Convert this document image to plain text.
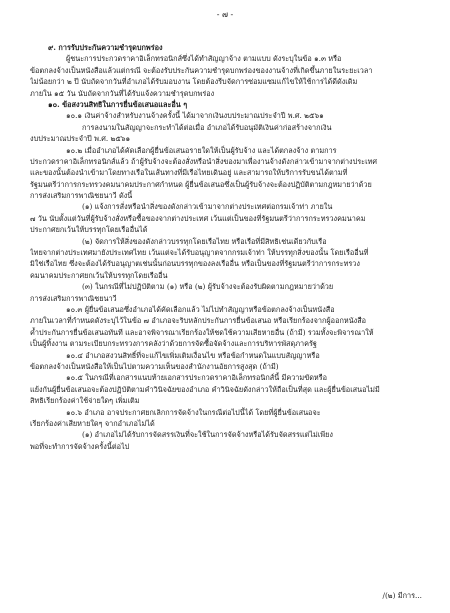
- ๗ -
๙. การรับประกันความชำรุดบกพร่อง
ผู้ชนะการประกวดราคาอิเล็กทรอนิกส์ซึ่งได้ทำสัญญาจ้าง ตามแบบ ดังระบุในข้อ ๑.๓ หรือ
ข้อตกลงจ้างเป็นหนังสือแล้วแต่กรณี จะต้องรับประกันความชำรุดบกพร่องของงานจ้างที่เกิดขึ้นภายในระยะเวลา
ไม่น้อยกว่า ๒ ปี นับถัดจากวันที่อำเภอได้รับมอบงาน โดยต้องรีบจัดการซ่อมแซมแก้ไขให้ใช้การได้ดีดังเดิม
ภายใน ๑๕ วัน นับถัดจากวันที่ได้รับแจ้งความชำรุดบกพร่อง
๑๐. ข้อสงวนสิทธิในการยื่นข้อเสนอและอื่น ๆ
๑๐.๑ เงินค่าจ้างสำหรับงานจ้างครั้งนี้ ได้มาจากเงินงบประมาณประจำปี พ.ศ. ๒๕๖๑
การลงนามในสัญญาจะกระทำได้ต่อเมื่อ อำเภอได้รับอนุมัติเงินค่าก่อสร้างจากเงิน
งบประมาณประจำปี พ.ศ. ๒๕๖๑
๑๐.๒ เมื่ออำเภอได้คัดเลือกผู้ยื่นข้อเสนอรายใดให้เป็นผู้รับจ้าง และได้ตกลงจ้าง ตามการ
ประกวดราคาอิเล็กทรอนิกส์แล้ว ถ้าผู้รับจ้างจะต้องสั่งหรือนำสิ่งของมาเพื่องานจ้างดังกล่าวเข้ามาจากต่างประเทศ
และของนั้นต้องนำเข้ามาโดยทางเรือในเส้นทางที่มีเรือไทยเดินอยู่ และสามารถให้บริการรับขนได้ตามที่
รัฐมนตรีว่าการกระทรวงคมนาคมประกาศกำหนด ผู้ยื่นข้อเสนอซึ่งเป็นผู้รับจ้างจะต้องปฏิบัติตามกฎหมายว่าด้วย
การส่งเสริมการพาณิชยนาวี ดังนี้
(๑) แจ้งการสั่งหรือนำสิ่งของดังกล่าวเข้ามาจากต่างประเทศต่อกรมเจ้าท่า ภายใน
๗ วัน นับตั้งแต่วันที่ผู้รับจ้างสั่งหรือซื้อของจากต่างประเทศ เว้นแต่เป็นของที่รัฐมนตรีว่าการกระทรวงคมนาคม
ประกาศยกเว้นให้บรรทุกโดยเรืออื่นได้
(๒) จัดการให้สิ่งของดังกล่าวบรรทุกโดยเรือไทย หรือเรือที่มีสิทธิเช่นเดียวกับเรือ
ไทยจากต่างประเทศมายังประเทศไทย เว้นแต่จะได้รับอนุญาตจากกรมเจ้าท่า ให้บรรทุกสิ่งของนั้น โดยเรืออื่นที่
มิใช่เรือไทย ซึ่งจะต้องได้รับอนุญาตเช่นนั้นก่อนบรรทุกของลงเรืออื่น หรือเป็นของที่รัฐมนตรีว่าการกระทรวง
คมนาคมประกาศยกเว้นให้บรรทุกโดยเรืออื่น
(๓) ในกรณีที่ไม่ปฏิบัติตาม (๑) หรือ (๒) ผู้รับจ้างจะต้องรับผิดตามกฎหมายว่าด้วย
การส่งเสริมการพาณิชยนาวี
๑๐.๓ ผู้ยื่นข้อเสนอซึ่งอำเภอได้คัดเลือกแล้ว ไม่ไปทำสัญญาหรือข้อตกลงจ้างเป็นหนังสือ
ภายในเวลาที่กำหนดดังระบุไว้ในข้อ ๗ อำเภอจะริบหลักประกันการยื่นข้อเสนอ หรือเรียกร้องจากผู้ออกหนังสือ
ค้ำประกันการยื่นข้อเสนอทันที และอาจพิจารณาเรียกร้องให้ชดใช้ความเสียหายอื่น (ถ้ามี) รวมทั้งจะพิจารณาให้
เป็นผู้ทิ้งงาน ตามระเบียบกระทรวงการคลังว่าด้วยการจัดซื้อจัดจ้างและการบริหารพัสดุภาครัฐ
๑๐.๔ อำเภอสงวนสิทธิ์ที่จะแก้ไขเพิ่มเติมเงื่อนไข หรือข้อกำหนดในแบบสัญญาหรือ
ข้อตกลงจ้างเป็นหนังสือให้เป็นไปตามความเห็นของสำนักงานอัยการสูงสุด (ถ้ามี)
๑๐.๕ ในกรณีที่เอกสารแนบท้ายเอกสารประกวดราคาอิเล็กทรอนิกส์นี้ มีความขัดหรือ
แย้งกันผู้ยื่นข้อเสนอจะต้องปฏิบัติตามคำวินิจฉัยของอำเภอ คำวินิจฉัยดังกล่าวให้ถือเป็นที่สุด และผู้ยื่นข้อเสนอไม่มี
สิทธิเรียกร้องค่าใช้จ่ายใดๆ เพิ่มเติม
๑๐.๖ อำเภอ อาจประกาศยกเลิกการจัดจ้างในกรณีต่อไปนี้ได้ โดยที่ผู้ยื่นข้อเสนอจะ
เรียกร้องค่าเสียหายใดๆ จากอำเภอไม่ได้
(๑) อำเภอไม่ได้รับการจัดสรรเงินที่จะใช้ในการจัดจ้างหรือได้รับจัดสรรแต่ไม่เพียง
พอที่จะทำการจัดจ้างครั้งนี้ต่อไป
/(๒) มีการ...
